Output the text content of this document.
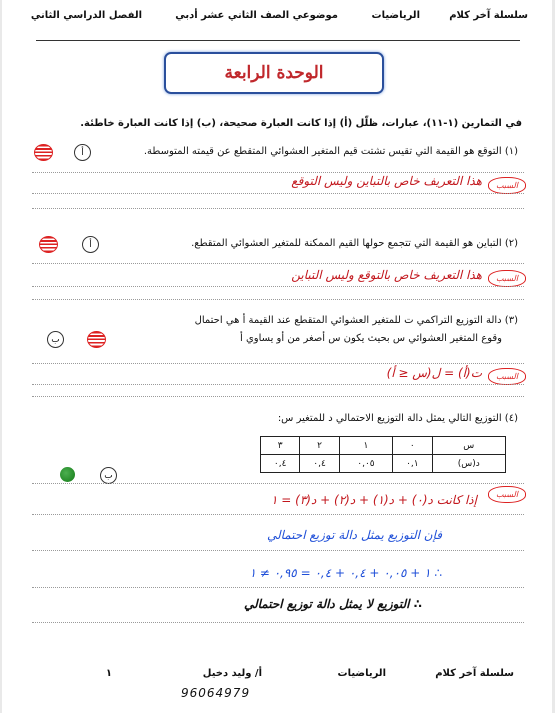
سلسلة آخر كلام
الرياضيات
موضوعي الصف الثاني عشر أدبي
الفصل الدراسي الثاني
الوحدة الرابعة
في التمارين (١-١١)، عبارات، ظلّل (أ) إذا كانت العبارة صحيحة، (ب) إذا كانت العبارة خاطئة.
(١) التوقع هو القيمة التي تقيس تشتت قيم المتغير العشوائي المتقطع عن قيمته المتوسطة.
أ
السبب
هذا التعريف خاص بالتباين وليس التوقع
(٢) التباين هو القيمة التي تتجمع حولها القيم الممكنة للمتغير العشوائي المتقطع.
أ
السبب
هذا التعريف خاص بالتوقع وليس التباين
(٣) دالة التوزيع التراكمي ت للمتغير العشوائي المتقطع عند القيمة أ هي احتمال
وقوع المتغير العشوائي س بحيث يكون س أصغر من أو يساوي أ
ب
السبب
ت(أ) = ل(س ≤ أ)
(٤) التوزيع التالي يمثل دالة التوزيع الاحتمالي د للمتغير س:
س	٠	١	٢	٣
د(س)	٠,١	٠,٠٥	٠,٤	٠,٤
ب
السبب
إذا كانت د(٠) + د(١) + د(٢) + د(٣) = ١
فإن التوزيع يمثل دالة توزيع احتمالي
∴ ١ + ٠,٠٥ + ٠,٤ + ٠,٤ = ٠,٩٥ ≠ ١
∴ التوزيع لا يمثل دالة توزيع احتمالي
سلسلة آخر كلام
الرياضيات
أ/ وليد دخيل
١
96064979
